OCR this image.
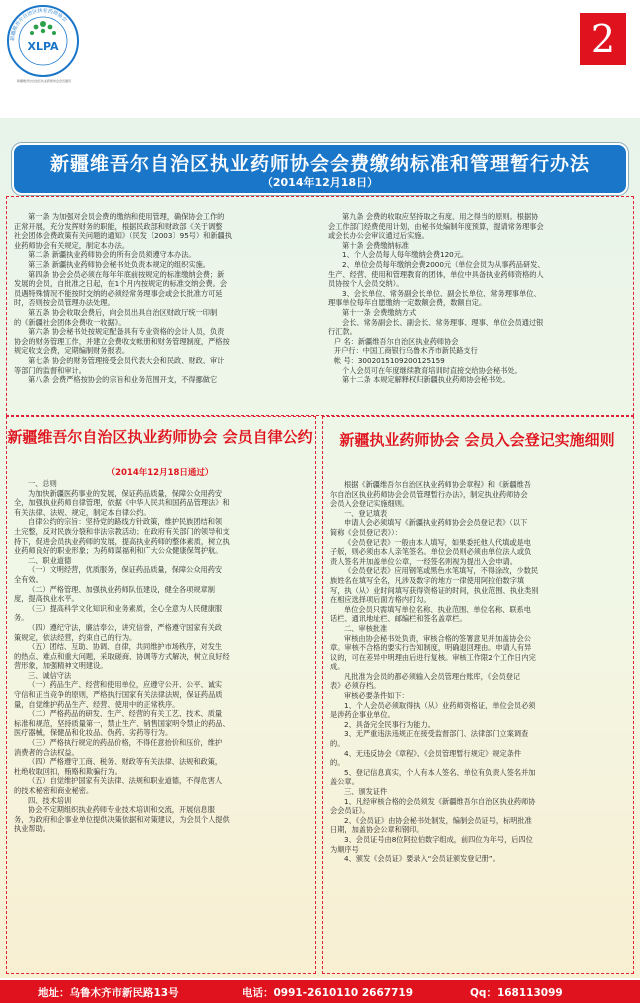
新疆维吾尔自治区执业药师协会
XLPA
新疆维吾尔自治区执业药师协会会员通讯
2
新疆维吾尔自治区执业药师协会会费缴纳标准和管理暂行办法
（2014年12月18日）

第一条 为加强对会员会费的缴纳和使用管理，确保协会工作的

正常开展，充分发挥财务的职能，根据民政部和财政部《关于调整

社会团体会费政策有关问题的通知》（民发〔2003〕95号）和新疆执

业药师协会有关规定，制定本办法。

第二条 新疆执业药师协会的所有会员须遵守本办法。

第三条 新疆执业药师协会秘书处负责本规定的组织实施。

第四条 协会会员必须在每年年底前按规定的标准缴纳会费；新

发展的会员，自批准之日起，在1个月内按规定的标准交纳会费。会

员遇特殊情况不能按时交纳的必须经常务理事会或会长批准方可延

时，否则按会员管理办法处理。

第五条 协会收取会费后，向会员出具自治区财政厅统一印制

的《新疆社会团体会费收一收据》。

第六条 协会秘书处按规定配备具有专业资格的会计人员，负责

协会的财务管理工作，并建立会费收支帐册和财务管理制度，严格按

规定收支会费，定期编制财务报表。

第七条 协会的财务管理接受会员代表大会和民政、财政、审计

等部门的监督和审计。

第八条 会费严格按协会的宗旨和业务范围开支，不得挪做它

第九条 会费的收取应坚持取之有度、用之得当的原则。根据协

会工作部门经费使用计划，由秘书处编制年度预算，提请常务理事会

或会长办公会审议通过后实施。

第十条 会费缴纳标准

1、个人会员每人每年缴纳会费120元。

2、单位会员每年缴纳会费2000元（单位会员为从事药品研发、

生产、经营、使用和管理教育的团体，单位中具备执业药师资格的人

员协按个人会员交纳）。

3、会长单位、常务副会长单位、副会长单位、常务理事单位、

理事单位每年自愿缴纳一定数额会费，数额自定。

第十一条 会费缴纳方式

会长、常务副会长、副会长、常务理事、理事、单位会员通过银

行汇款。

户 名：新疆维吾尔自治区执业药师协会

开户行：中国工商银行乌鲁木齐市新民路支行

帐 号：3002015109200125159

个人会员可在年度继续教育培训时直接交给协会秘书处。

第十二条 本规定解释权归新疆执业药师协会秘书处。

新疆维吾尔自治区执业药师协会 会员自律公约
（2014年12月18日通过）

一、总则

为加快新疆医药事业的发展，保证药品质量，保障公众用药安

全，加强执业药师自律管理，依据《中华人民共和国药品管理法》和

有关法律、法规、规定，制定本自律公约。

自律公约的宗旨：坚持党的路线方针政策，维护民族团结和领

土完整，反对民族分裂和非法宗教活动；在政府有关部门的领导和支

持下，促进会员执业药师的发展，提高执业药师的整体素质，树立执

业药师良好的职业形象；为药师谋福利和广大公众健康保驾护航。

二、职业道德

（一）文明经营，优质服务，保证药品质量，保障公众用药安

全有效。

（二）严格管理、加强执业药师队伍建设，健全各项规章制

度，提高执业水平。

（三）提高科学文化知识和业务素质，全心全意为人民健康服

务。

（四）遵纪守法，廉洁奉公，讲究信誉，严格遵守国家有关政

策规定，依法经营，约束自己的行为。

（五）团结、互助、协调、自律，共同维护市场秩序，对发生

的热点、难点和重大问题，采取磋商、协调等方式解决，树立良好经

营形象，加强精神文明建设。

三、诚信守法

（一）药品生产、经营和使用单位，应遵守公开、公平、诚实

守信和正当竞争的原则，严格执行国家有关法律法规，保证药品质

量，自觉维护药品生产、经营、使用中的正常秩序。

（二）严格药品的研发、生产、经营的有关工艺、技术、质量

标准和规范，坚持质量第一，禁止生产、销售国家明令禁止的药品、

医疗器械，保健品和化妆品、伪药、劣药等行为。

（三）严格执行规定的药品价格，不得任意抬价和压价，维护

消费者的合法权益。

（四）严格遵守工商、税务、财政等有关法律、法规和政策，

杜绝收取回扣，贿赂和欺骗行为。

（五）自觉维护国家有关法律、法规和职业道德，不得危害人

的技术秘密和商业秘密。

四、技术培训

协会不定期组织执业药师专业技术培训和交流，开展信息服

务，为政府和企事业单位提供决策依据和对策建议，为会员个人提供

执业帮助。

新疆执业药师协会 会员入会登记实施细则

根据《新疆维吾尔自治区执业药师协会章程》和《新疆维吾

尔自治区执业药师协会会员管理暂行办法》，制定执业药师协会

会员入会登记实施细则。

一、登记填表

申请人会必须填写《新疆执业药师协会会员登记表》（以下

简称《会员登记表》）：

《会员登记表》一般由本人填写，如果委托他人代填或是电

子版，则必须由本人亲笔签名。单位会员则必须由单位法人或负

责人签名并加盖单位公章，一经签名则视为提出入会申请。

《会员登记表》应用钢笔或黑色水笔填写，不得涂改，少数民

族姓名在填写全名，凡涉及数字的地方一律使用阿拉伯数字填

写，执（从）业时间填写获得资格证的时间，执业范围、执业类别

在相应选择项后面方格内打勾。

单位会员只需填写单位名称、执业范围、单位名称、联系电

话栏、通讯地址栏、邮编栏和签名盖章栏。

二、审核批准

审核由协会秘书处负责，审核合格的签署意见并加盖协会公

章。审核不合格的要实行告知制度，明确退回理由。申请人有异

议的，可在差异中明理由后进行复核。审核工作限2个工作日内完

成。

凡批准为会员的都必须输入会员管理台账库，《会员登记

表》必须存档。

审核必要条件如下：

1、个人会员必须取得执（从）业药师资格证，单位会员必须

是涉药企事业单位。

2、具备完全民事行为能力。

3、无严重违法违规正在接受监督部门、法律部门立案调查

的。

4、无违反协会《章程》、《会员管理暂行规定》规定条件

的。

5、登记信息真实，个人有本人签名、单位有负责人签名并加

盖公章。

三、颁发证件

1、凡经审核合格的会员须发《新疆维吾尔自治区执业药师协

会会员证》。

2、《会员证》由协会秘书处制发，编制会员证号，标明批准

日期，加盖协会公章和钢印。

3、会员证号由8位阿拉伯数字组成，前四位为年号，后四位

为顺序号

4、颁发《会员证》要录入“会员证颁发登记册”。

地址：乌鲁木齐市新民路13号	电话：0991-2610110 2667719	Qq：168113099
